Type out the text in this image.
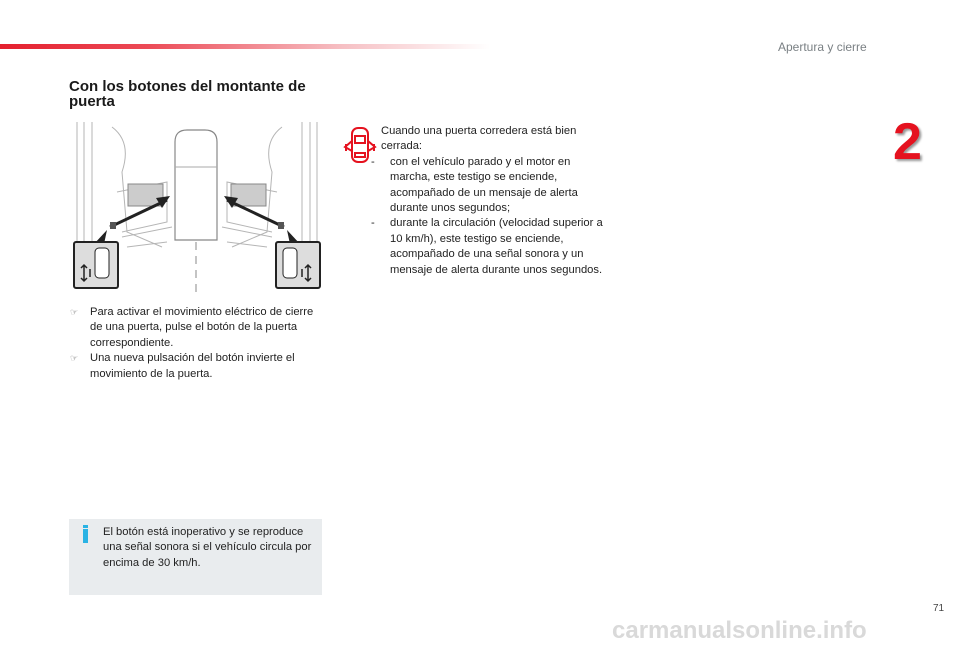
Apertura y cierre
2
Con los botones del montante de puerta
☞ Para activar el movimiento eléctrico de cierre de una puerta, pulse el botón de la puerta correspondiente.
☞ Una nueva pulsación del botón invierte el movimiento de la puerta.
Cuando una puerta corredera está bien cerrada:
- con el vehículo parado y el motor en marcha, este testigo se enciende, acompañado de un mensaje de alerta durante unos segundos;
- durante la circulación (velocidad superior a 10 km/h), este testigo se enciende, acompañado de una señal sonora y un mensaje de alerta durante unos segundos.
El botón está inoperativo y se reproduce una señal sonora si el vehículo circula por encima de 30 km/h.
71
carmanualsonline.info
